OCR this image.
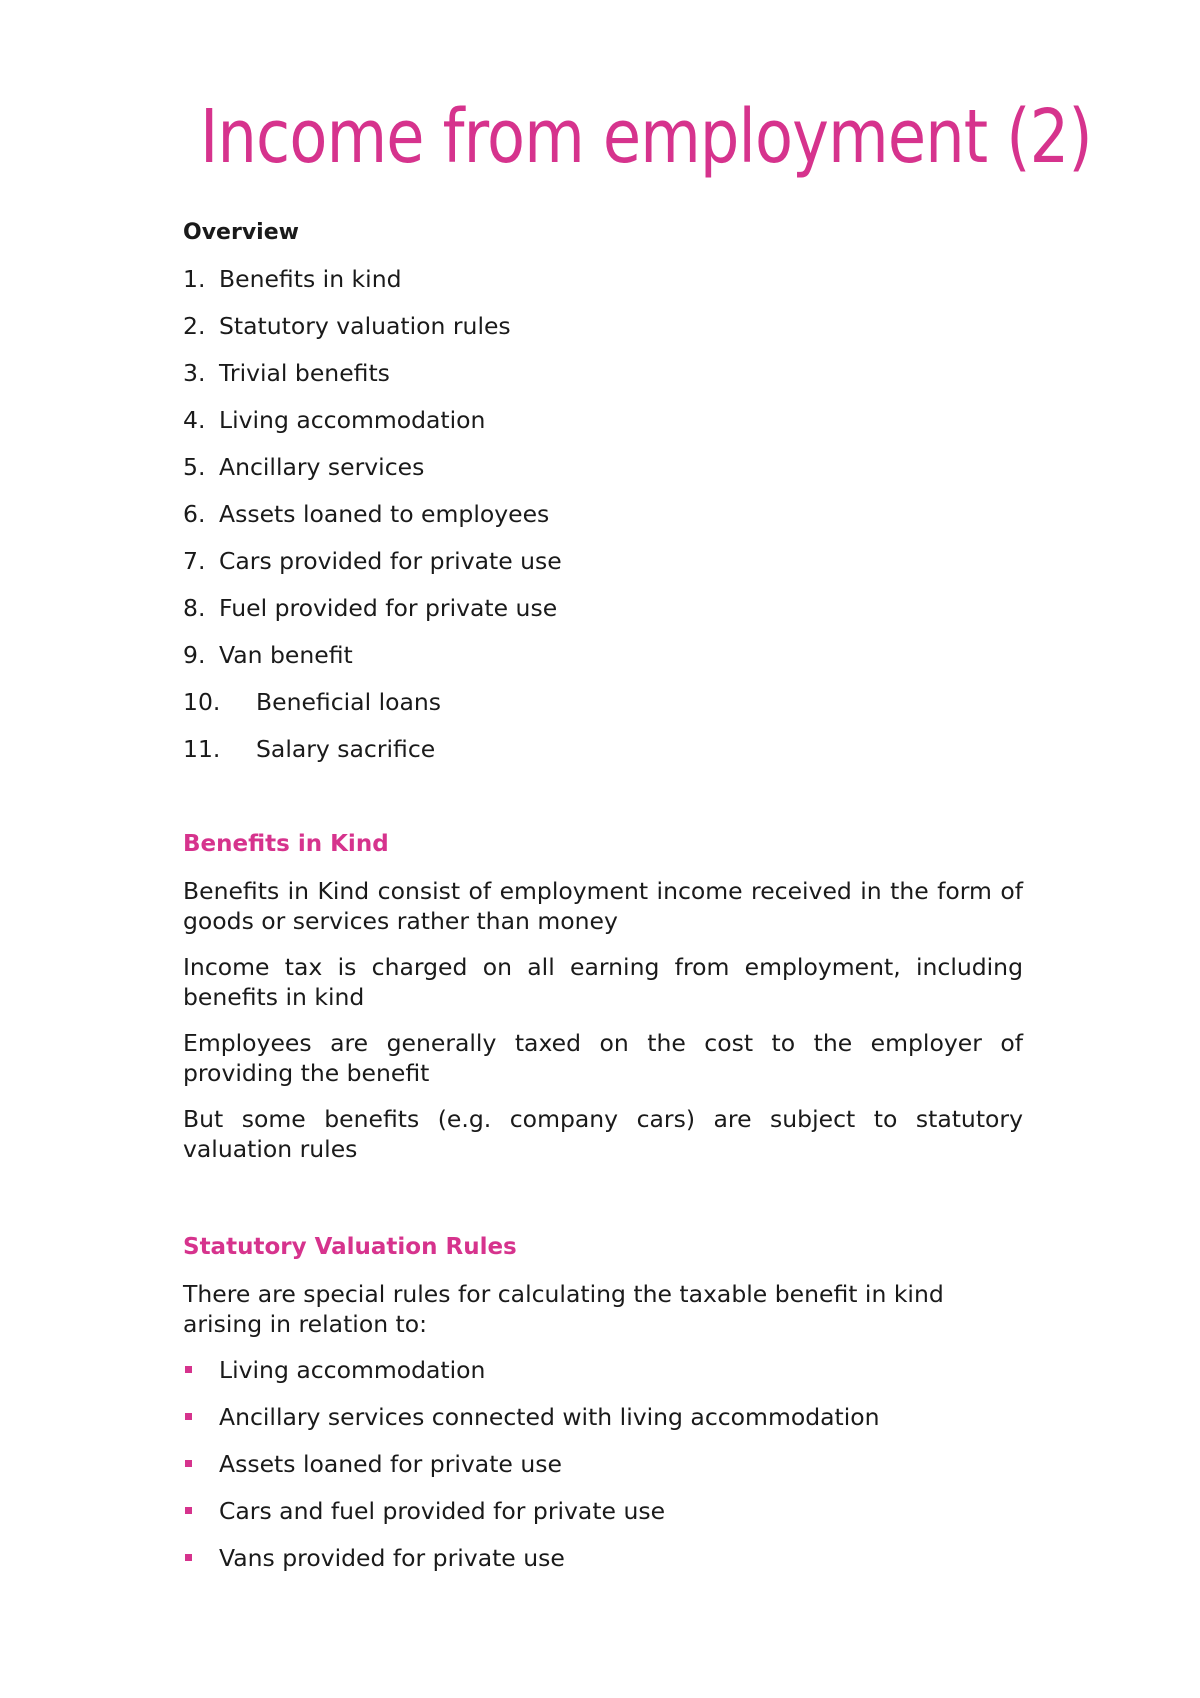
Income from employment (2)

Overview

1. Benefits in kind
2. Statutory valuation rules
3. Trivial benefits
4. Living accommodation
5. Ancillary services
6. Assets loaned to employees
7. Cars provided for private use
8. Fuel provided for private use
9. Van benefit
10.	Beneficial loans
11.	Salary sacrifice
Benefits in Kind

Benefits in Kind consist of employment income received in the form of goods or services rather than money

Income tax is charged on all earning from employment, including benefits in kind

Employees are generally taxed on the cost to the employer of providing the benefit

But some benefits (e.g. company cars) are subject to statutory valuation rules

Statutory Valuation Rules

There are special rules for calculating the taxable benefit in kind arising in relation to:

Living accommodation
Ancillary services connected with living accommodation
Assets loaned for private use
Cars and fuel provided for private use
Vans provided for private use
